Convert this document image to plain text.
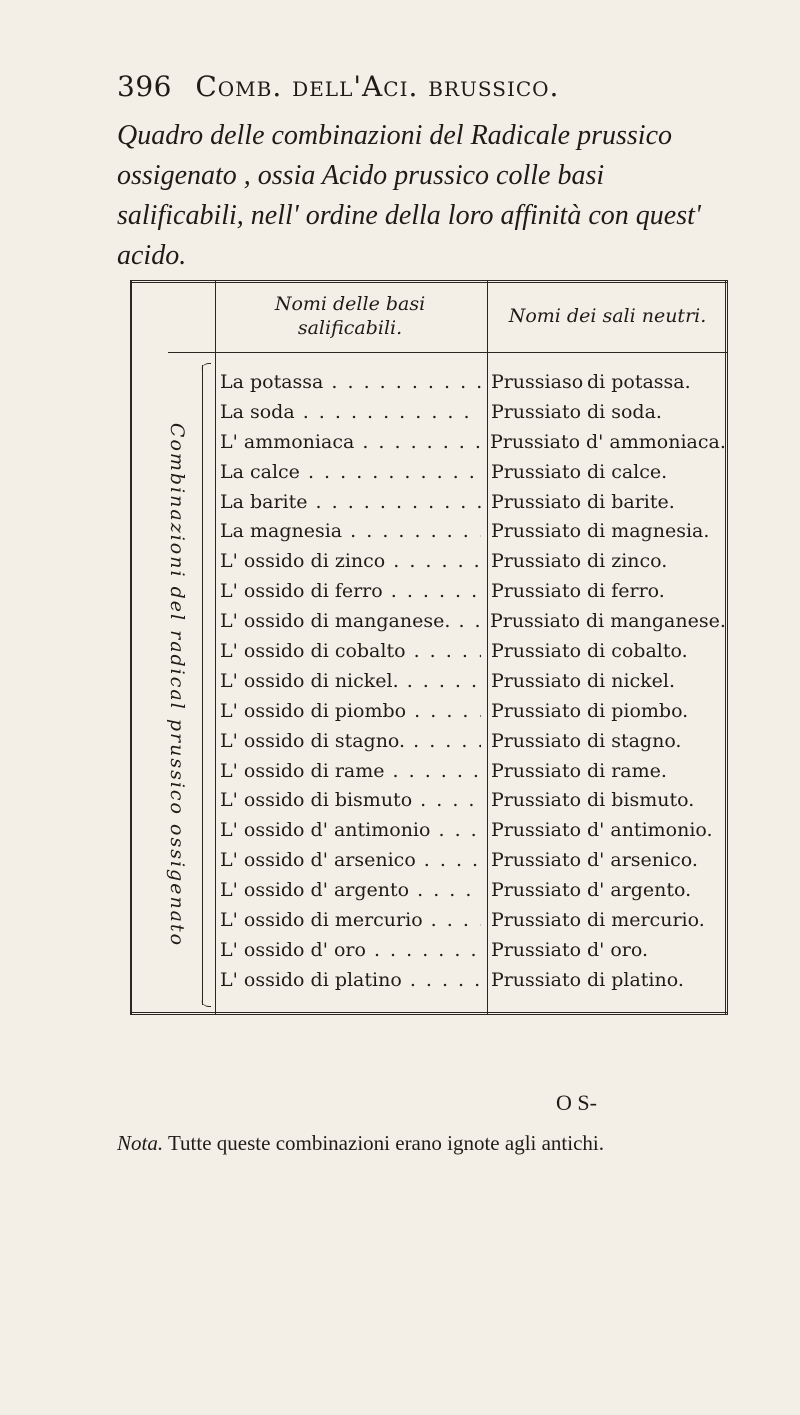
396 Comb. dell'Aci. brussico.
Quadro delle combinazioni del Radicale prussico ossigenato , ossia Acido prussico colle basi salificabili, nell' ordine della loro affinità con quest' acido.
Nomi delle basi salificabili.
Nomi dei sali neutri.
Combinazioni del radical prussico ossigenato
La potassa . . .	Prussiaso di potassa.
La soda . . .	Prussiato di soda.
L' ammoniaca . . .	Prussiato d' ammoniaca.
La calce . . .	Prussiato di calce.
La barite . . .	Prussiato di barite.
La magnesia . . .	Prussiato di magnesia.
L' ossido di zinco . . .	Prussiato di zinco.
L' ossido di ferro . . .	Prussiato di ferro.
L' ossido di manganese. . . .	Prussiato di manganese.
L' ossido di cobalto . . .	Prussiato di cobalto.
L' ossido di nickel. . . .	Prussiato di nickel.
L' ossido di piombo . . .	Prussiato di piombo.
L' ossido di stagno. . . .	Prussiato di stagno.
L' ossido di rame . . .	Prussiato di rame.
L' ossido di bismuto . . .	Prussiato di bismuto.
L' ossido d' antimonio . . .	Prussiato d' antimonio.
L' ossido d' arsenico . . .	Prussiato d' arsenico.
L' ossido d' argento . . .	Prussiato d' argento.
L' ossido di mercurio . . .	Prussiato di mercurio.
L' ossido d' oro . . .	Prussiato d' oro.
L' ossido di platino . . .	Prussiato di platino.
O S-
Nota. Tutte queste combinazioni erano ignote agli antichi.
